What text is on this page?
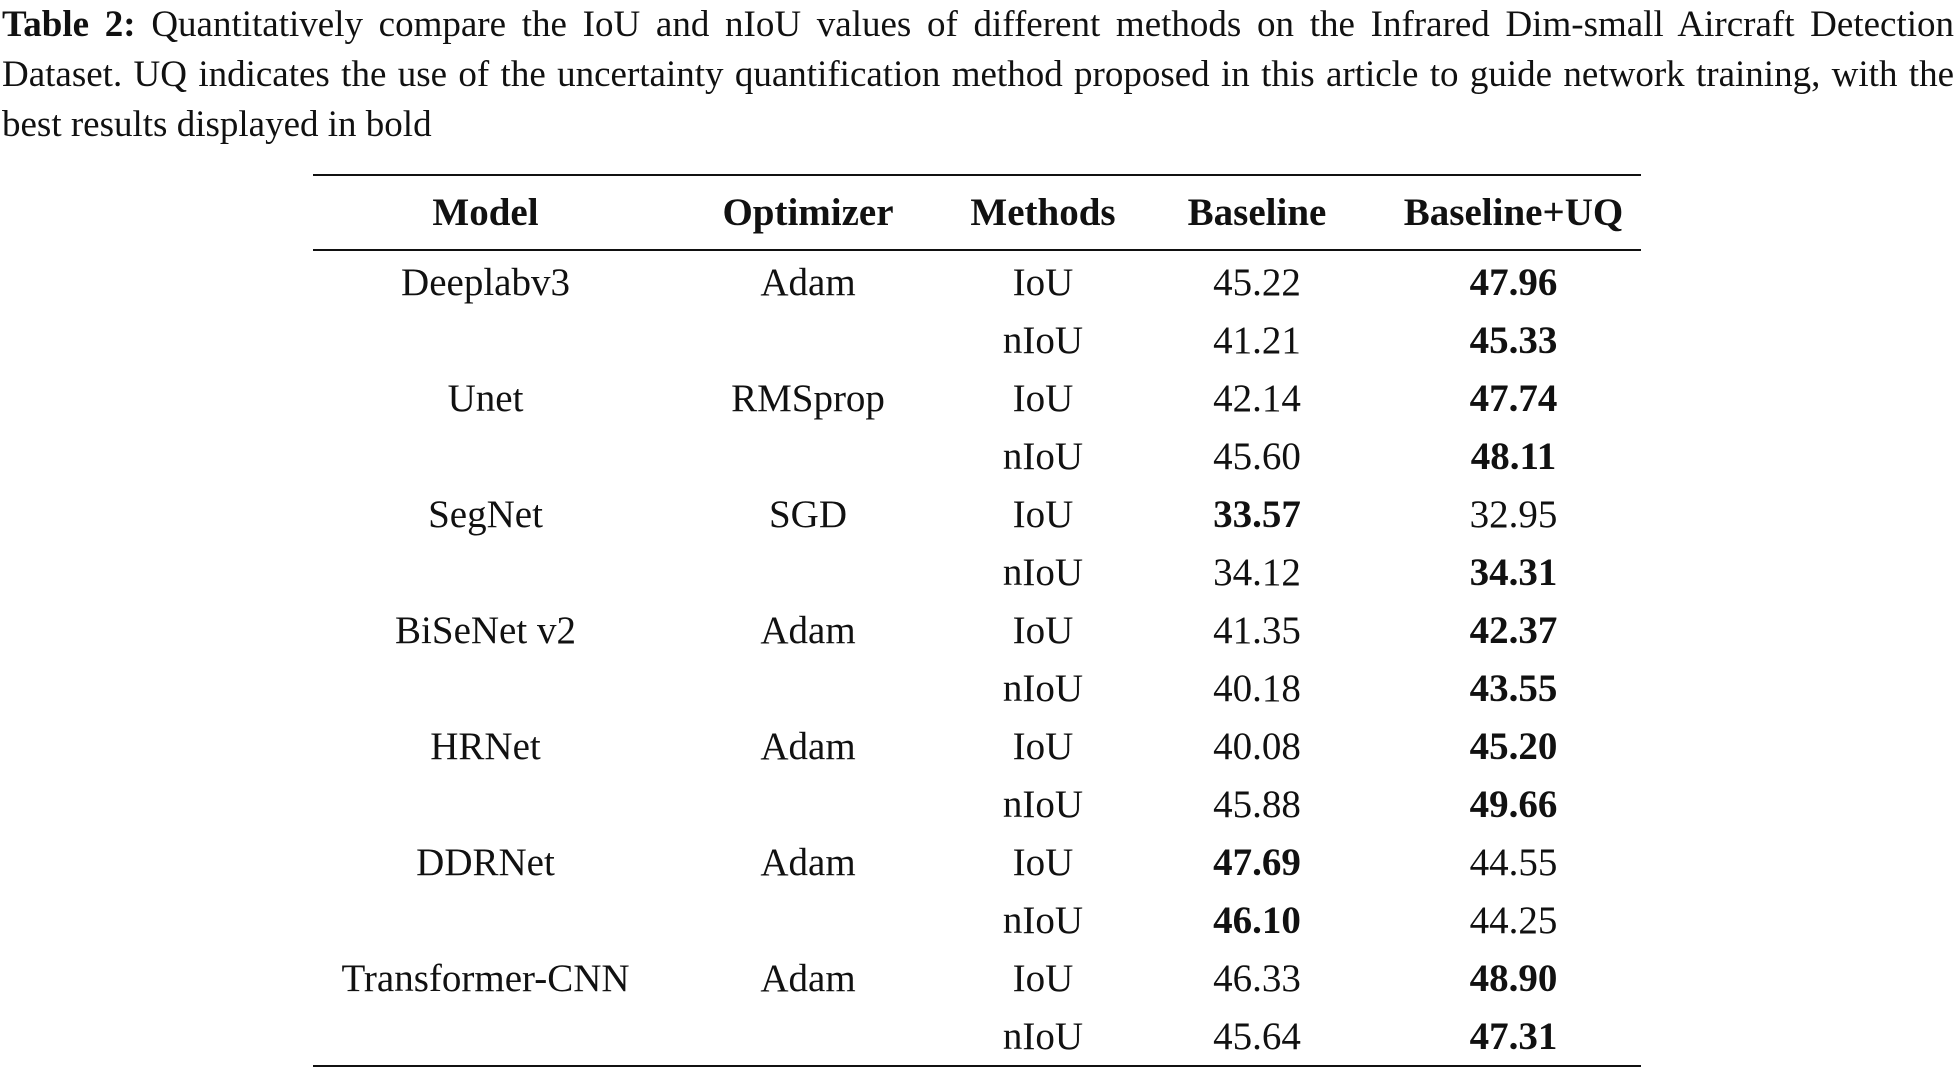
Table 2: Quantitatively compare the IoU and nIoU values of different methods on the Infrared Dim-small Aircraft Detection Dataset. UQ indicates the use of the uncertainty quantification method proposed in this article to guide network training, with the best results displayed in bold

Model	Optimizer	Methods	Baseline	Baseline+UQ
Deeplabv3	Adam	IoU	45.22	47.96
		nIoU	41.21	45.33
Unet	RMSprop	IoU	42.14	47.74
		nIoU	45.60	48.11
SegNet	SGD	IoU	33.57	32.95
		nIoU	34.12	34.31
BiSeNet v2	Adam	IoU	41.35	42.37
		nIoU	40.18	43.55
HRNet	Adam	IoU	40.08	45.20
		nIoU	45.88	49.66
DDRNet	Adam	IoU	47.69	44.55
		nIoU	46.10	44.25
Transformer-CNN	Adam	IoU	46.33	48.90
		nIoU	45.64	47.31
